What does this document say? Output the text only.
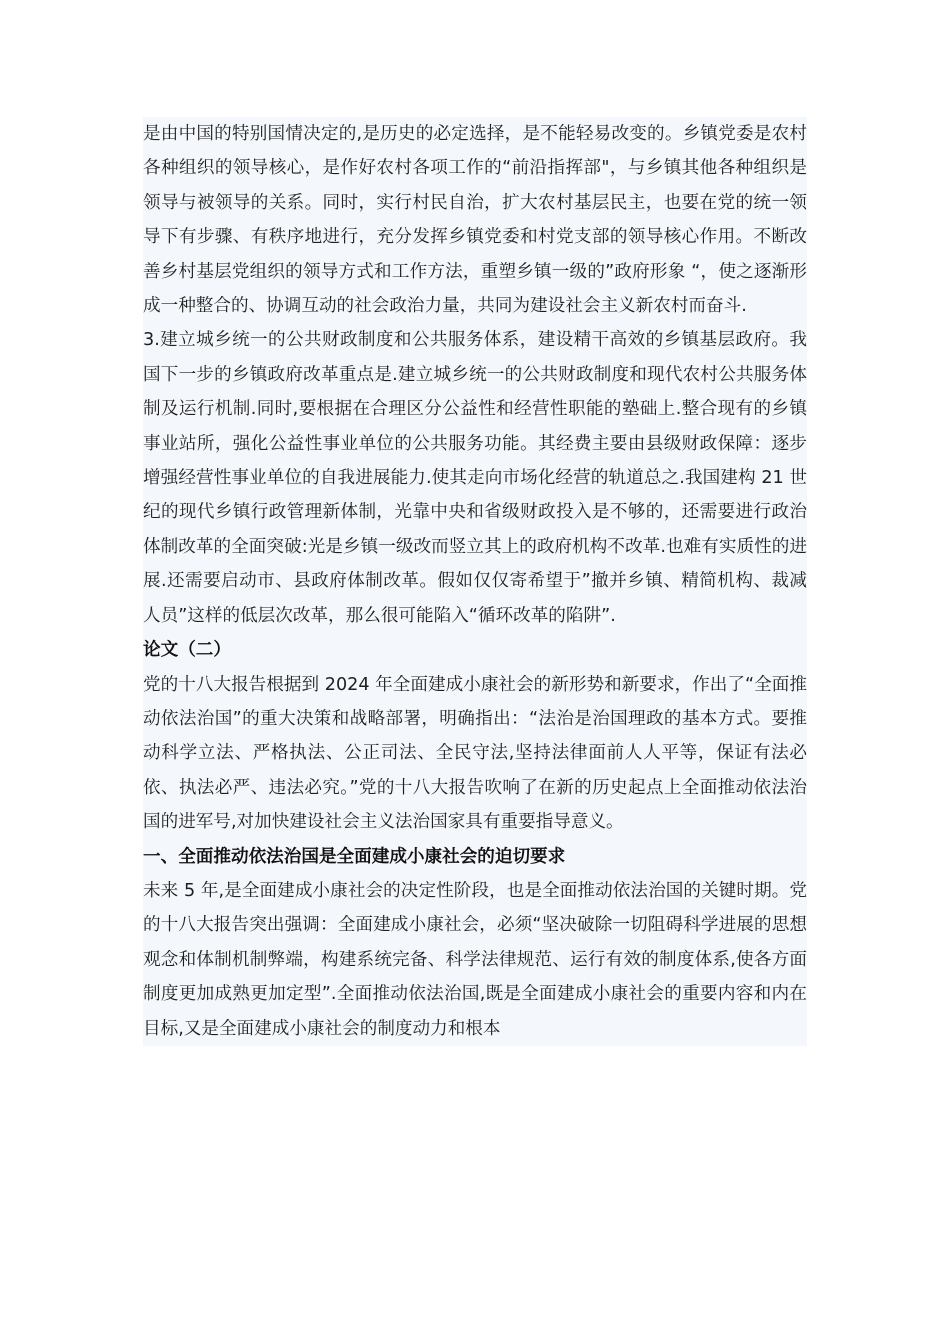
是由中国的特别国情决定的,是历史的必定选择，是不能轻易改变的。乡镇党委是农村各种组织的领导核心，是作好农村各项工作的“前沿指挥部"，与乡镇其他各种组织是领导与被领导的关系。同时，实行村民自治，扩大农村基层民主，也要在党的统一领导下有步骤、有秩序地进行，充分发挥乡镇党委和村党支部的领导核心作用。不断改善乡村基层党组织的领导方式和工作方法，重塑乡镇一级的”政府形象 “，使之逐渐形成一种整合的、协调互动的社会政治力量，共同为建设社会主义新农村而奋斗.

3.建立城乡统一的公共财政制度和公共服务体系，建设精干高效的乡镇基层政府。我国下一步的乡镇政府改革重点是.建立城乡统一的公共财政制度和现代农村公共服务体制及运行机制.同时,要根据在合理区分公益性和经营性职能的塾础上.整合现有的乡镇事业站所，强化公益性事业单位的公共服务功能。其经费主要由县级财政保障：逐步增强经营性事业单位的自我进展能力.使其走向市场化经营的轨道总之.我国建构 21 世纪的现代乡镇行政管理新体制，光靠中央和省级财政投入是不够的，还需要进行政治体制改革的全面突破:光是乡镇一级改而竖立其上的政府机构不改革.也难有实质性的进展.还需要启动市、县政府体制改革。假如仅仅寄希望于”撤并乡镇、精简机构、裁减人员”这样的低层次改革，那么很可能陷入“循环改革的陷阱”.

论文（二）

党的十八大报告根据到 2024 年全面建成小康社会的新形势和新要求，作出了“全面推动依法治国”的重大决策和战略部署，明确指出：“法治是治国理政的基本方式。要推动科学立法、严格执法、公正司法、全民守法,坚持法律面前人人平等，保证有法必依、执法必严、违法必究。”党的十八大报告吹响了在新的历史起点上全面推动依法治国的进军号,对加快建设社会主义法治国家具有重要指导意义。

一、全面推动依法治国是全面建成小康社会的迫切要求

未来 5 年,是全面建成小康社会的决定性阶段，也是全面推动依法治国的关键时期。党的十八大报告突出强调：全面建成小康社会，必须“坚决破除一切阻碍科学进展的思想观念和体制机制弊端，构建系统完备、科学法律规范、运行有效的制度体系,使各方面制度更加成熟更加定型”.全面推动依法治国,既是全面建成小康社会的重要内容和内在目标,又是全面建成小康社会的制度动力和根本
